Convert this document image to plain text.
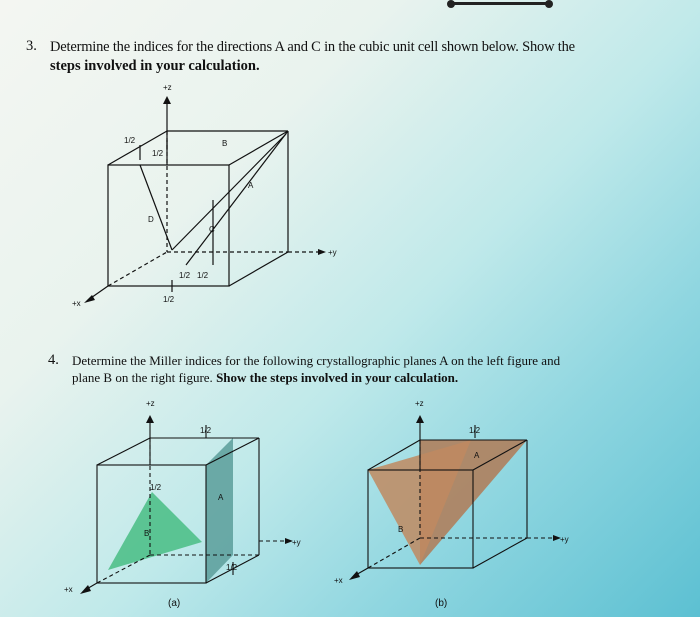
3. Determine the indices for the directions A and C in the cubic unit cell shown below. Show the
steps involved in your calculation.
+z
+y
+x
A
B
C
D
1/2
1/2
1/2 1/2
1/2
4. Determine the Miller indices for the following crystallographic planes A on the left figure and
plane B on the right figure. Show the steps involved in your calculation.
+z
+y
+x
A
B
1/2
1/2
1/2
(a)
+z
+y
+x
A
B
1/2
(b)
